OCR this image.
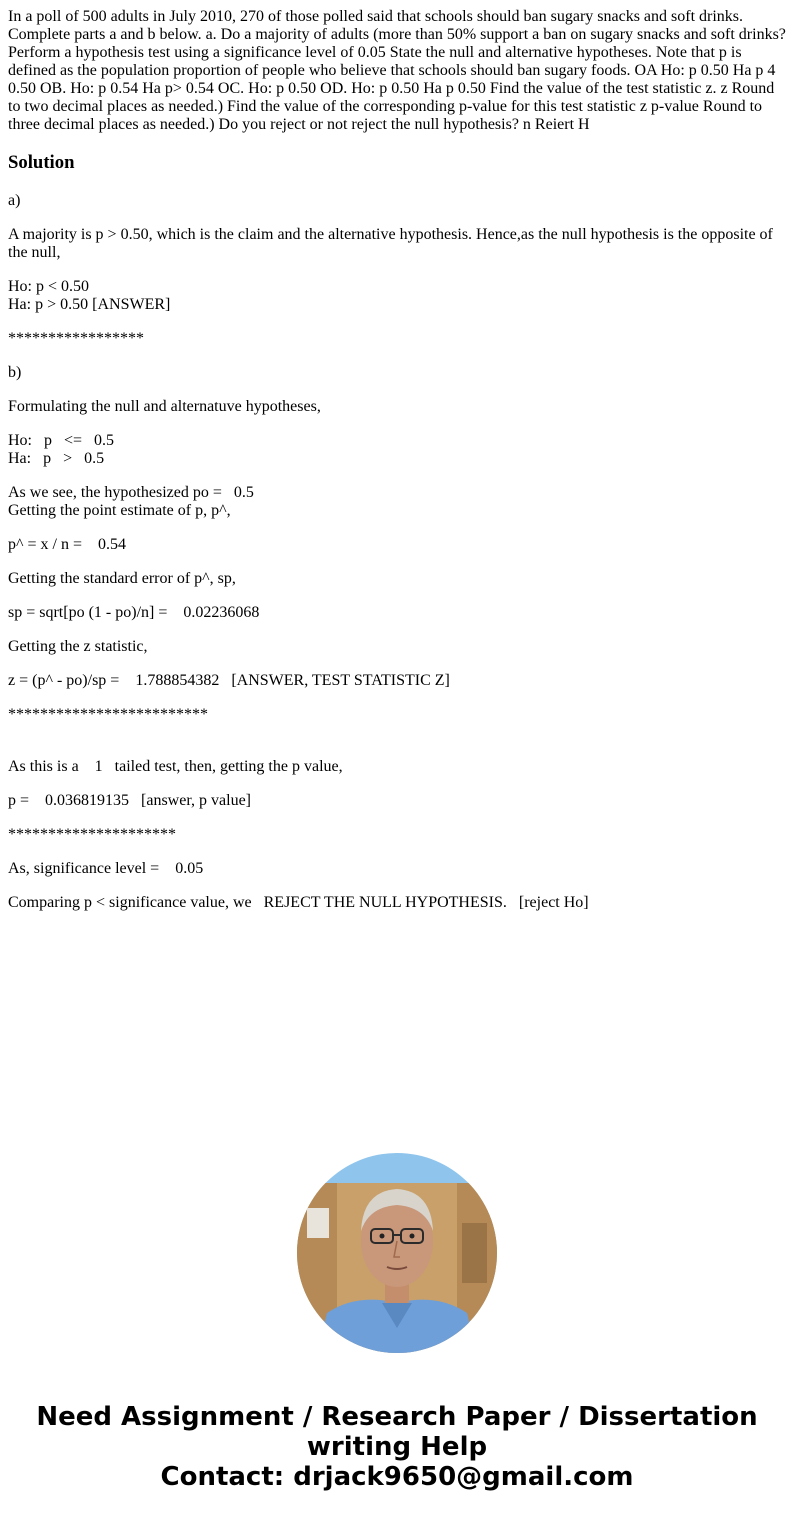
In a poll of 500 adults in July 2010, 270 of those polled said that schools should ban sugary snacks and soft drinks. Complete parts a and b below. a. Do a majority of adults (more than 50% support a ban on sugary snacks and soft drinks? Perform a hypothesis test using a significance level of 0.05 State the null and alternative hypotheses. Note that p is defined as the population proportion of people who believe that schools should ban sugary foods. OA Ho: p 0.50 Ha p 4 0.50 OB. Ho: p 0.54 Ha p> 0.54 OC. Ho: p 0.50 OD. Ho: p 0.50 Ha p 0.50 Find the value of the test statistic z. z Round to two decimal places as needed.) Find the value of the corresponding p-value for this test statistic z p-value Round to three decimal places as needed.) Do you reject or not reject the null hypothesis? n Reiert H
Solution

a)

A majority is p > 0.50, which is the claim and the alternative hypothesis. Hence,as the null hypothesis is the opposite of the null,

Ho: p < 0.50
Ha: p > 0.50 [ANSWER]

*****************

b)

Formulating the null and alternatuve hypotheses,

Ho:   p   <=   0.5
Ha:   p   >   0.5

As we see, the hypothesized po =   0.5
Getting the point estimate of p, p^,

p^ = x / n =    0.54

Getting the standard error of p^, sp,

sp = sqrt[po (1 - po)/n] =    0.02236068

Getting the z statistic,

z = (p^ - po)/sp =    1.788854382   [ANSWER, TEST STATISTIC Z]

*************************

As this is a    1   tailed test, then, getting the p value,

p =    0.036819135   [answer, p value]

*********************

As, significance level =    0.05

Comparing p < significance value, we   REJECT THE NULL HYPOTHESIS.   [reject Ho]

Need Assignment / Research Paper / Dissertation
writing Help
Contact: drjack9650@gmail.com
